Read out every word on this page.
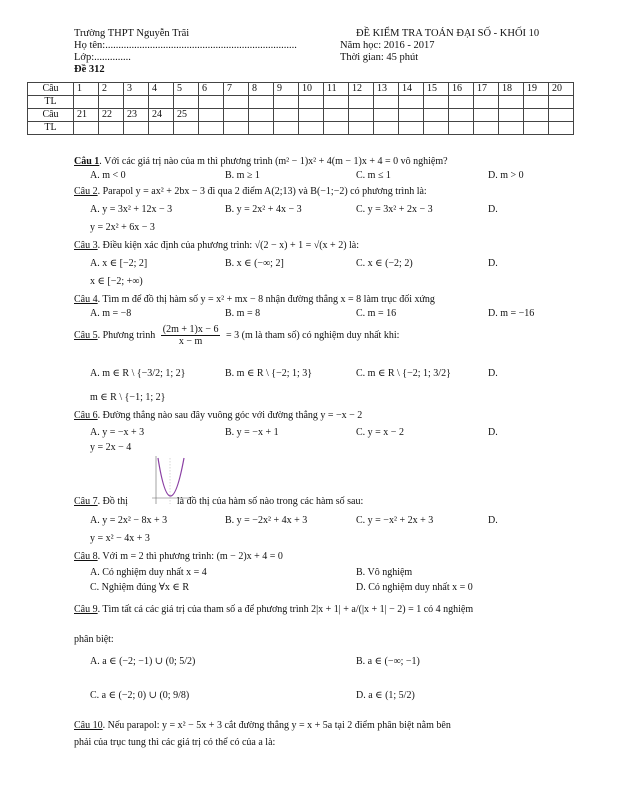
Trường THPT Nguyễn Trãi
Họ tên:.........................................................................
Lớp:..............
Đề 312
ĐỀ KIỂM TRA TOÁN ĐẠI SỐ - KHỐI 10
Năm học: 2016 - 2017
Thời gian: 45 phút
Câu	1	2	3	4	5	6	7	8	9	10	11	12	13	14	15	16	17	18	19	20
TL																				
Câu	21	22	23	24	25															
TL																				
Câu 1. Với các giá trị nào của m thì phương trình (m² − 1)x² + 4(m − 1)x + 4 = 0 vô nghiệm?
A. m < 0	B. m ≥ 1	C. m ≤ 1	D. m > 0
Câu 2. Parapol y = ax² + 2bx − 3 đi qua 2 điểm A(2;13) và B(−1;−2) có phương trình là:
A. y = 3x² + 12x − 3	B. y = 2x² + 4x − 3	C. y = 3x² + 2x − 3	D.
y = 2x² + 6x − 3
Câu 3. Điều kiện xác định của phương trình: √(2 − x) + 1 = √(x + 2) là:
A. x ∈ [−2; 2]	B. x ∈ (−∞; 2]	C. x ∈ (−2; 2)	D.
x ∈ [−2; +∞)
Câu 4. Tìm m để đồ thị hàm số y = x² + mx − 8 nhận đường thẳng x = 8 làm trục đối xứng
A. m = −8	B. m = 8	C. m = 16	D. m = −16
Câu 5. Phương trình $\frac{(2m + 1)x - 6}{x - m} = 3$ (m là tham số) có nghiệm duy nhất khi:
A. m ∈ R \ {−3/2; 1; 2}	B. m ∈ R \ {−2; 1; 3}	C. m ∈ R \ {−2; 1; 3/2}	D.
m ∈ R \ {−1; 1; 2}
Câu 6. Đường thẳng nào sau đây vuông góc với đường thẳng y = −x − 2
A. y = −x + 3	B. y = −x + 1	C. y = x − 2	D.
y = 2x − 4
Câu 7. Đồ thị	là đồ thị của hàm số nào trong các hàm số sau:
A. y = 2x² − 8x + 3	B. y = −2x² + 4x + 3	C. y = −x² + 2x + 3	D.
y = x² − 4x + 3
Câu 8. Với m = 2 thì phương trình: (m − 2)x + 4 = 0
A. Có nghiệm duy nhất x = 4	B. Vô nghiệm
C. Nghiệm đúng ∀x ∈ R	D. Có nghiệm duy nhất x = 0
Câu 9. Tìm tất cả các giá trị của tham số a để phương trình 2|x + 1| + a/(|x + 1| − 2) = 1 có 4 nghiệm
phân biệt:
A. a ∈ (−2; −1) ∪ (0; 5/2)	B. a ∈ (−∞; −1)
C. a ∈ (−2; 0) ∪ (0; 9/8)	D. a ∈ (1; 5/2)
Câu 10. Nếu parapol: y = x² − 5x + 3 cắt đường thẳng y = x + 5a tại 2 điểm phân biệt nằm bên
phải của trục tung thì các giá trị có thể có của a là:
